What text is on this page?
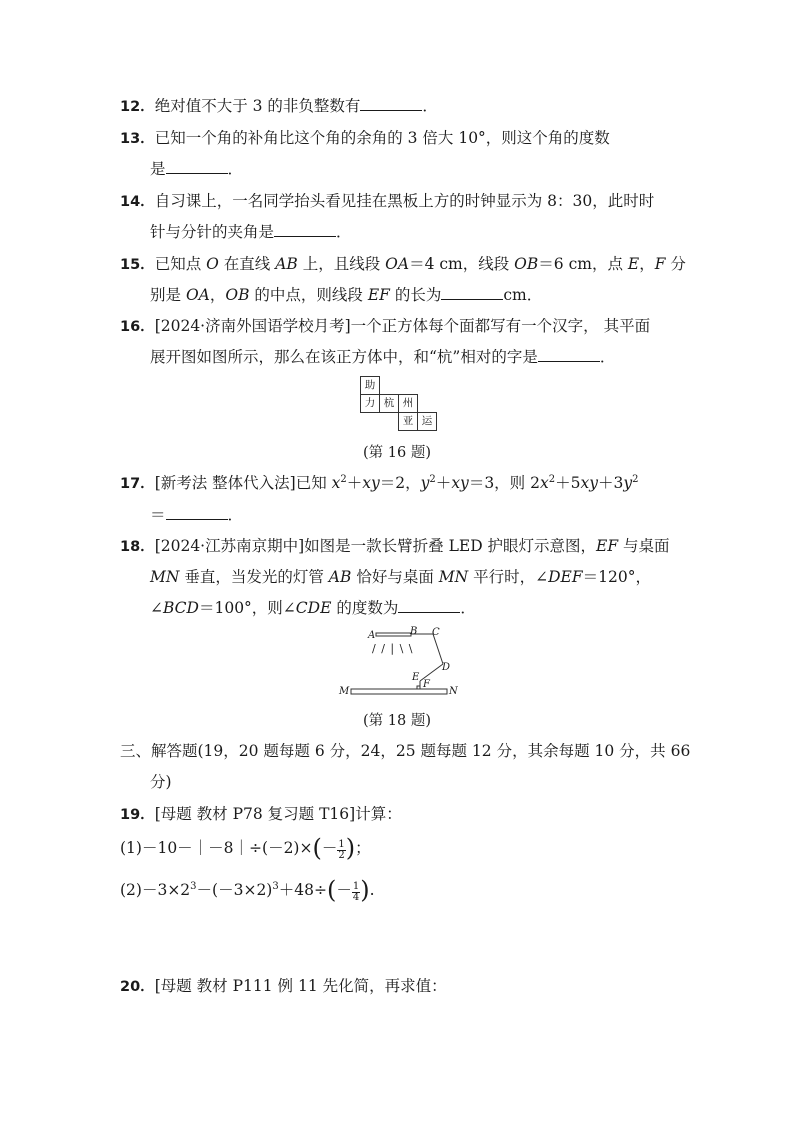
12．绝对值不大于 3 的非负整数有	．
13．已知一个角的补角比这个角的余角的 3 倍大 10°，则这个角的度数
是	．
14．自习课上，一名同学抬头看见挂在黑板上方的时钟显示为 8：30，此时时
针与分针的夹角是	．
15．已知点 O 在直线 AB 上，且线段 OA＝4 cm，线段 OB＝6 cm，点 E，F 分
别是 OA，OB 的中点，则线段 EF 的长为	cm．
16．[2024·济南外国语学校月考]一个正方体每个面都写有一个汉字， 其平面
展开图如图所示，那么在该正方体中，和“杭”相对的字是	．
助
力 杭 州
亚 运
(第 16 题)
17．[新考法 整体代入法]已知 $x^2+xy=2$，$y^2+xy=3$，则 $2x^2+5xy+3y^2$
＝	．
18．[2024·江苏南京期中]如图是一款长臂折叠 LED 护眼灯示意图，EF 与桌面
MN 垂直，当发光的灯管 AB 恰好与桌面 MN 平行时，∠DEF＝120°，
∠BCD＝100°，则∠CDE 的度数为	．
A	B C
D
E
F
M	N
/ / | \ \
(第 18 题)
三、解答题(19，20 题每题 6 分，24，25 题每题 12 分，其余每题 10 分，共 66
分)
19．[母题 教材 P78 复习题 T16]计算：
(1)－10－｜－8｜÷(－2)×(－ $\frac{1}{2}$ )；
$(2)-3\times 2^3-(-3\times 2)^3+48\div(- \frac{1}{4}$ ).
20．[母题 教材 P111 例 11 先化简，再求值：
